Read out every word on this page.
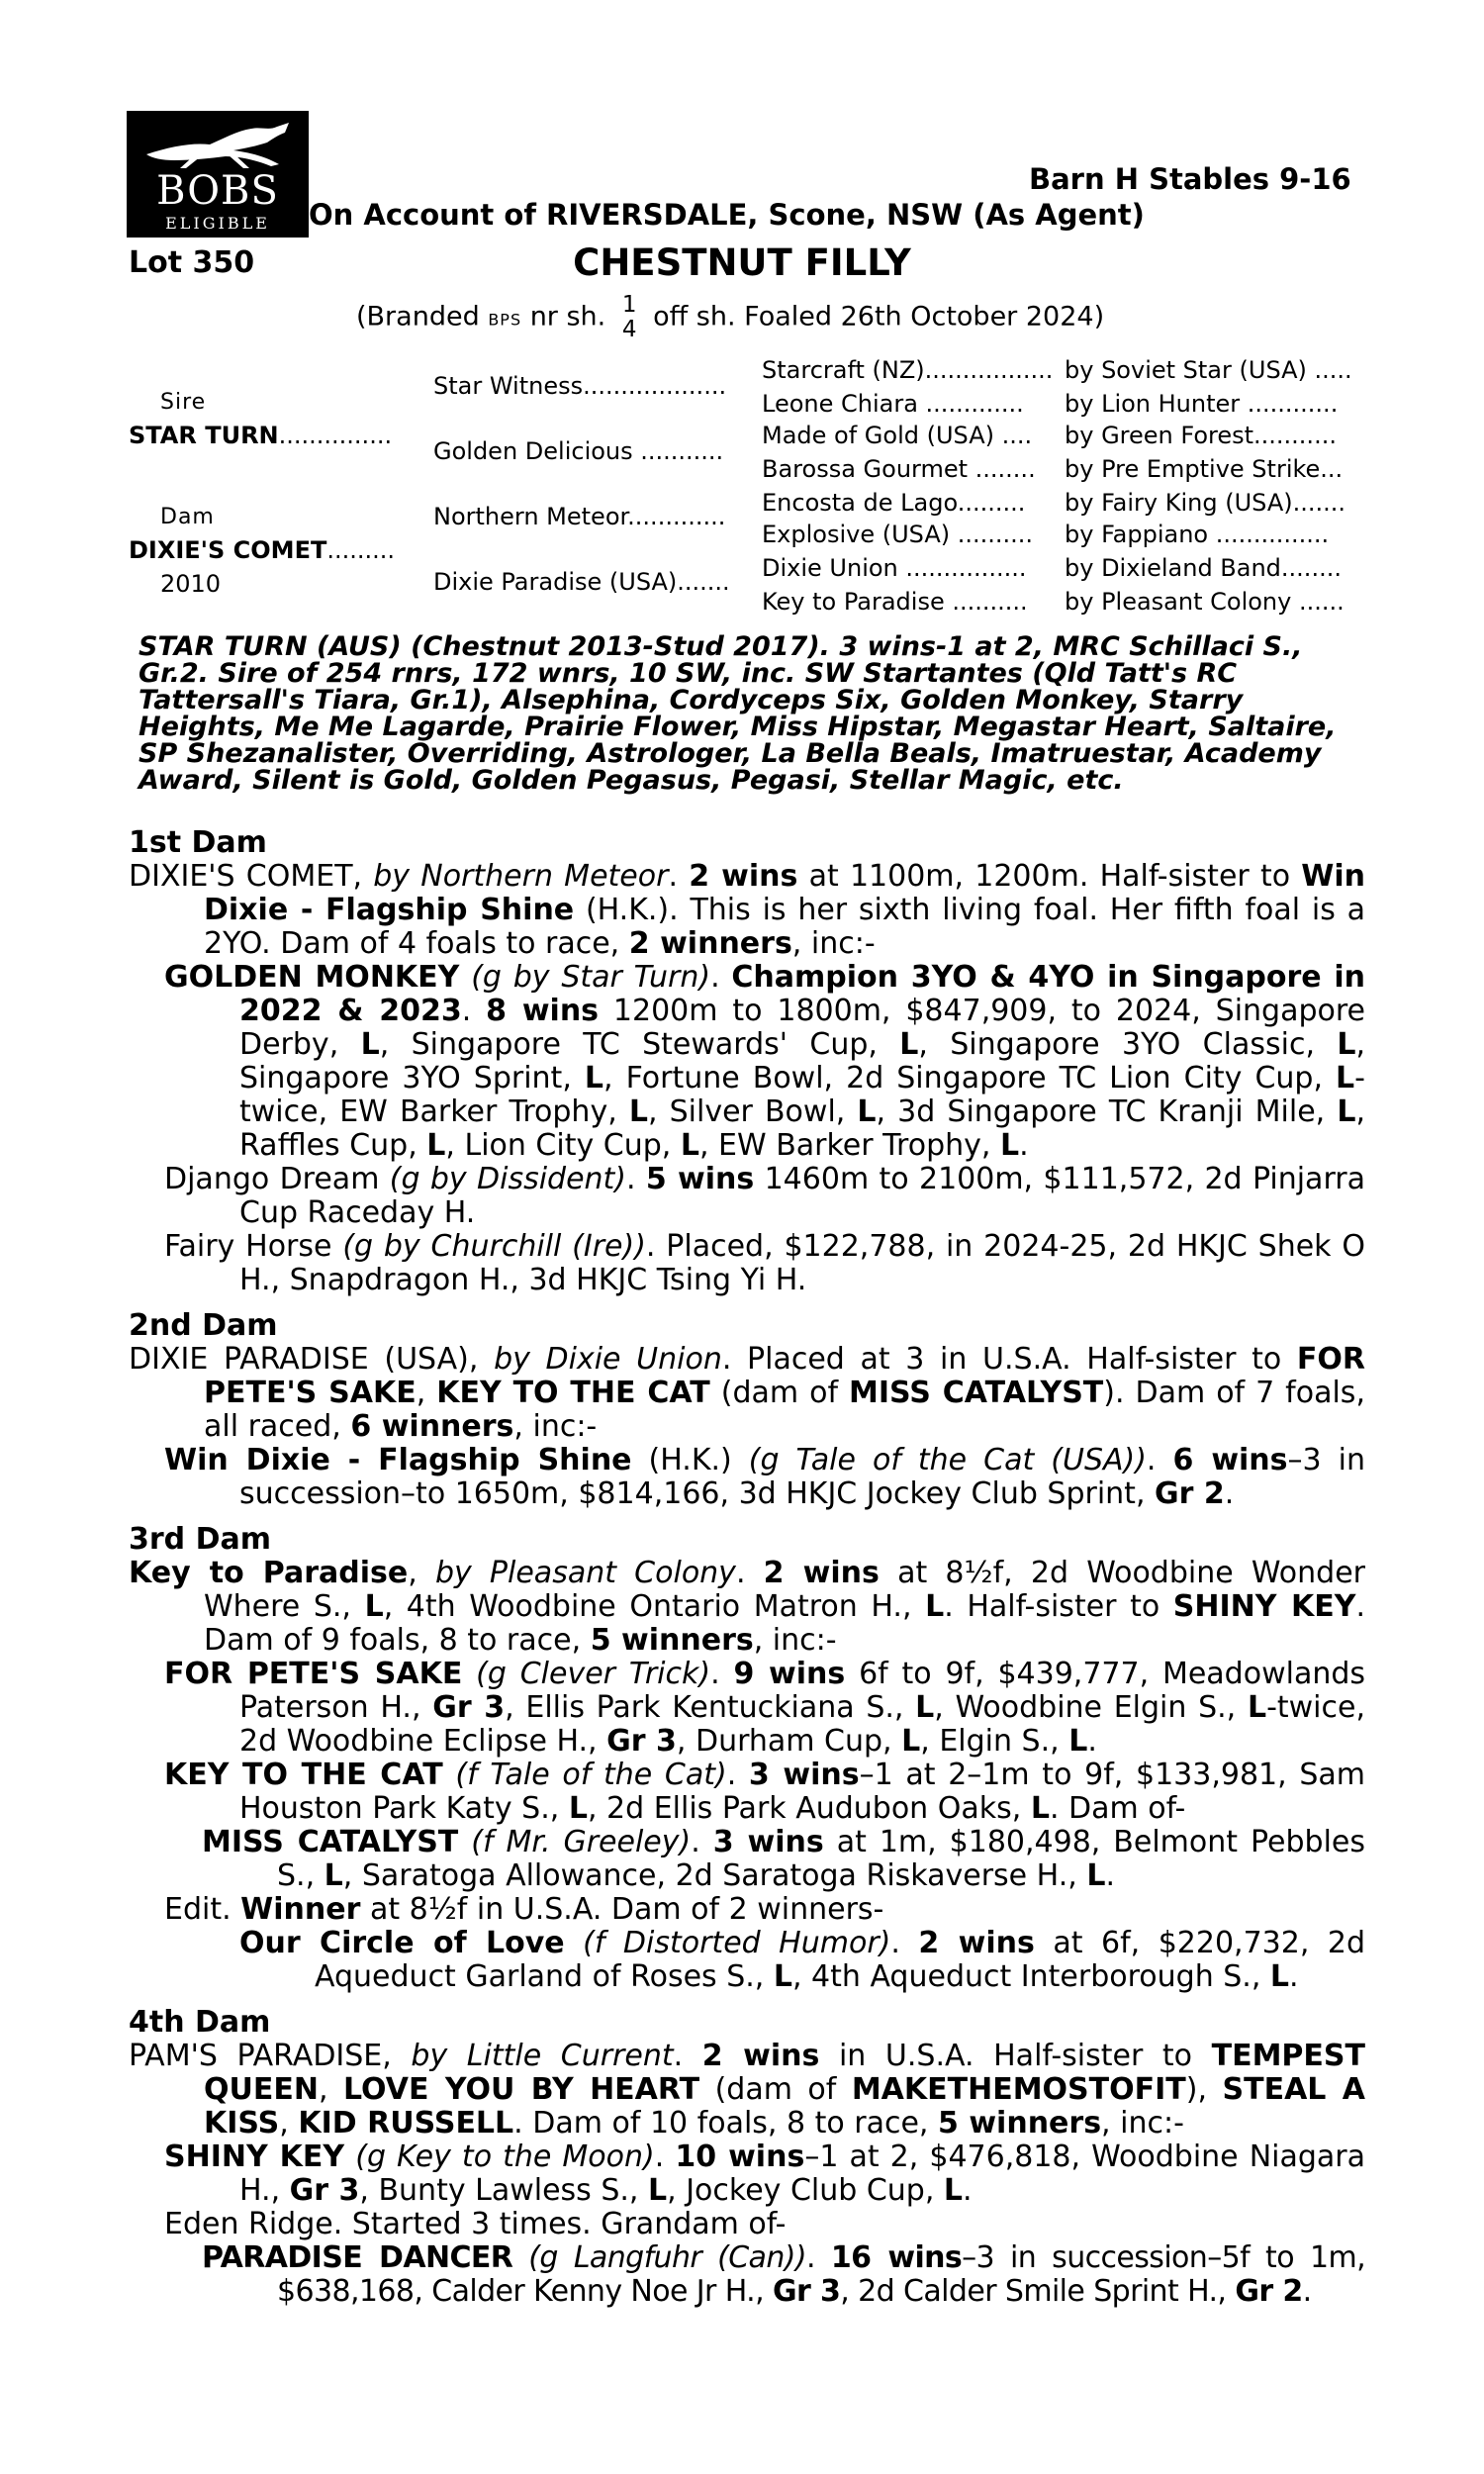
BOBS
ELIGIBLE
Barn H Stables 9-16
On Account of RIVERSDALE, Scone, NSW (As Agent)
Lot 350	CHESTNUT FILLY
(Branded BPS nr sh. 1
4 off sh. Foaled 26th October 2024)
Sire
STAR TURN...............
Dam
DIXIE'S COMET.........
2010
Star Witness...................
Golden Delicious ...........
Northern Meteor.............
Dixie Paradise (USA).......
Starcraft (NZ).................
Leone Chiara .............
Made of Gold (USA) ....
Barossa Gourmet ........
Encosta de Lago.........
Explosive (USA) ..........
Dixie Union ................
Key to Paradise ..........
by Soviet Star (USA) .....
by Lion Hunter ............
by Green Forest...........
by Pre Emptive Strike...
by Fairy King (USA).......
by Fappiano ...............
by Dixieland Band........
by Pleasant Colony ......
STAR TURN (AUS) (Chestnut 2013-Stud 2017). 3 wins-1 at 2, MRC Schillaci S., Gr.2. Sire of 254 rnrs, 172 wnrs, 10 SW, inc. SW Startantes (Qld Tatt's RC Tattersall's Tiara, Gr.1), Alsephina, Cordyceps Six, Golden Monkey, Starry Heights, Me Me Lagarde, Prairie Flower, Miss Hipstar, Megastar Heart, Saltaire, SP Shezanalister, Overriding, Astrologer, La Bella Beals, Imatruestar, Academy Award, Silent is Gold, Golden Pegasus, Pegasi, Stellar Magic, etc.
1st Dam

DIXIE'S COMET, by Northern Meteor. 2 wins at 1100m, 1200m. Half-sister to Win Dixie - Flagship Shine (H.K.). This is her sixth living foal. Her fifth foal is a 2YO. Dam of 4 foals to race, 2 winners, inc:-

GOLDEN MONKEY (g by Star Turn). Champion 3YO & 4YO in Singapore in 2022 & 2023. 8 wins 1200m to 1800m, $847,909, to 2024, Singapore Derby, L, Singapore TC Stewards' Cup, L, Singapore 3YO Classic, L, Singapore 3YO Sprint, L, Fortune Bowl, 2d Singapore TC Lion City Cup, L-twice, EW Barker Trophy, L, Silver Bowl, L, 3d Singapore TC Kranji Mile, L, Raffles Cup, L, Lion City Cup, L, EW Barker Trophy, L.

Django Dream (g by Dissident). 5 wins 1460m to 2100m, $111,572, 2d Pinjarra Cup Raceday H.

Fairy Horse (g by Churchill (Ire)). Placed, $122,788, in 2024-25, 2d HKJC Shek O H., Snapdragon H., 3d HKJC Tsing Yi H.

2nd Dam

DIXIE PARADISE (USA), by Dixie Union. Placed at 3 in U.S.A. Half-sister to FOR PETE'S SAKE, KEY TO THE CAT (dam of MISS CATALYST). Dam of 7 foals, all raced, 6 winners, inc:-

Win Dixie - Flagship Shine (H.K.) (g Tale of the Cat (USA)). 6 wins–3 in succession–to 1650m, $814,166, 3d HKJC Jockey Club Sprint, Gr 2.

3rd Dam

Key to Paradise, by Pleasant Colony. 2 wins at 8½f, 2d Woodbine Wonder Where S., L, 4th Woodbine Ontario Matron H., L. Half-sister to SHINY KEY. Dam of 9 foals, 8 to race, 5 winners, inc:-

FOR PETE'S SAKE (g Clever Trick). 9 wins 6f to 9f, $439,777, Meadowlands Paterson H., Gr 3, Ellis Park Kentuckiana S., L, Woodbine Elgin S., L-twice, 2d Woodbine Eclipse H., Gr 3, Durham Cup, L, Elgin S., L.

KEY TO THE CAT (f Tale of the Cat). 3 wins–1 at 2–1m to 9f, $133,981, Sam Houston Park Katy S., L, 2d Ellis Park Audubon Oaks, L. Dam of-

MISS CATALYST (f Mr. Greeley). 3 wins at 1m, $180,498, Belmont Pebbles S., L, Saratoga Allowance, 2d Saratoga Riskaverse H., L.

Edit. Winner at 8½f in U.S.A. Dam of 2 winners-

Our Circle of Love (f Distorted Humor). 2 wins at 6f, $220,732, 2d Aqueduct Garland of Roses S., L, 4th Aqueduct Interborough S., L.

4th Dam

PAM'S PARADISE, by Little Current. 2 wins in U.S.A. Half-sister to TEMPEST QUEEN, LOVE YOU BY HEART (dam of MAKETHEMOSTOFIT), STEAL A KISS, KID RUSSELL. Dam of 10 foals, 8 to race, 5 winners, inc:-

SHINY KEY (g Key to the Moon). 10 wins–1 at 2, $476,818, Woodbine Niagara H., Gr 3, Bunty Lawless S., L, Jockey Club Cup, L.

Eden Ridge. Started 3 times. Grandam of-

PARADISE DANCER (g Langfuhr (Can)). 16 wins–3 in succession–5f to 1m, $638,168, Calder Kenny Noe Jr H., Gr 3, 2d Calder Smile Sprint H., Gr 2.
